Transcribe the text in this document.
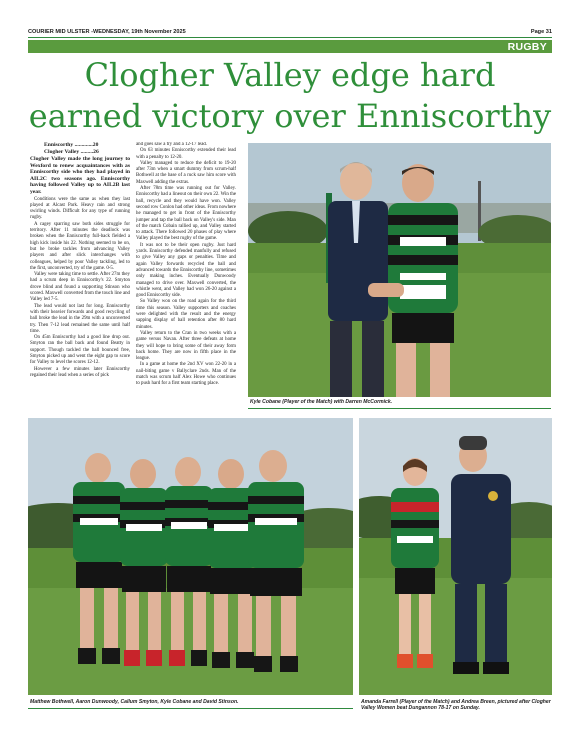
COURIER MID ULSTER -WEDNESDAY, 19th November 2025	Page 31
RUGBY
Clogher Valley edge hard
earned victory over Enniscorthy
Enniscorthy .............20
Clogher Valley .........26

Clogher Valley made the long journey to Wexford to renew acquaintances with as Enniscorthy side who they had played in AIL2C two seasons ago. Enniscorthy having followed Valley up to AIL2B last year.

Conditions were the same as when they last played at Alcast Park. Heavy rain and strong swirling winds. Difficult for any type of running rugby.

A cagey sparring saw both sides struggle for territory. After 11 minutes the deadlock was broken when the Enniscorthy full-back fielded a high kick inside his 22. Nothing seemed to be on, but he broke tackles from advancing Valley players and after slick interchanges with colleagues, helped by poor Valley tackling, led to the first, unconverted, try of the game. 0-5.

Valley were taking time to settle. After 27m they had a scrum deep in Enniscorthy's 22. Smyton drove blind and found a supporting Stinson who scored. Maxwell converted from the touch line and Valley led 7-5.

The lead would not last for long. Enniscorthy with their heavier forwards and good recycling of ball broke the lead in the 29m with a unconverted try. Then 7-12 lead remained the same until half time.

On 45m Enniscorthy had a good line drop out. Smyton ran the ball back and found Beatty in support. Though tackled the ball bounced free, Smyton picked up and went the eight gap to score for Valley to level the scores 12-12.

However a few minutes later Enniscorthy regained their lead when a series of pick

and goes saw a try and a 12-17 lead.

On 63 minutes Enniscorthy extended their lead with a penalty to 12-20.

Valley managed to reduce the deficit to 19-20 after 73m when a smart dummy from scrum-half Bothwell at the base of a ruck saw him score with Maxwell adding the extras.

After 78m time was running out for Valley. Enniscorthy had a lineout on their own 22. Win the ball, recycle and they would have won. Valley second row Conlon had other ideas. From nowhere he managed to get in front of the Enniscorthy jumper and tap the ball back on Valley's side. Man of the match Cobain rallied up, and Valley started to attack. There followed 20 phases of play where Valley played the best rugby of the game.

It was not to be their open rugby. Just hard yards. Enniscorthy defended manfully and refused to give Valley any gaps or penalties. Time and again Valley forwards recycled the ball and advanced towards the Enniscorthy line, sometimes only making inches. Eventually Dunwoody managed to drive over. Maxwell converted, the whistle went, and Valley had won 26-20 against a good Enniscorthy side.

So Valley won on the road again for the third time this season. Valley supporters and coaches were delighted with the result and the energy sapping display of ball retention after 80 hard minutes.

Valley return to the Cran in two weeks with a game versus Navan. After three defeats at home they will hope to bring some of their away form back home. They are now in fifth place in the league.

In a game at home the 2nd XV won 22-20 in a nail-biting game v Ballyclare 2nds. Man of the match was scrum half Alex Howe who continues to push hard for a first team starting place.

Kyle Cobane (Player of the Match) with Darren McCormick.
Matthew Bothwell, Aaron Dunwoody, Callum Smyton, Kyle Cobane and David Stinson.	Amanda Farrell (Player of the Match) and Andrea Breen, pictured after Clogher Valley Women beat Dungannon 78-17 on Sunday.
